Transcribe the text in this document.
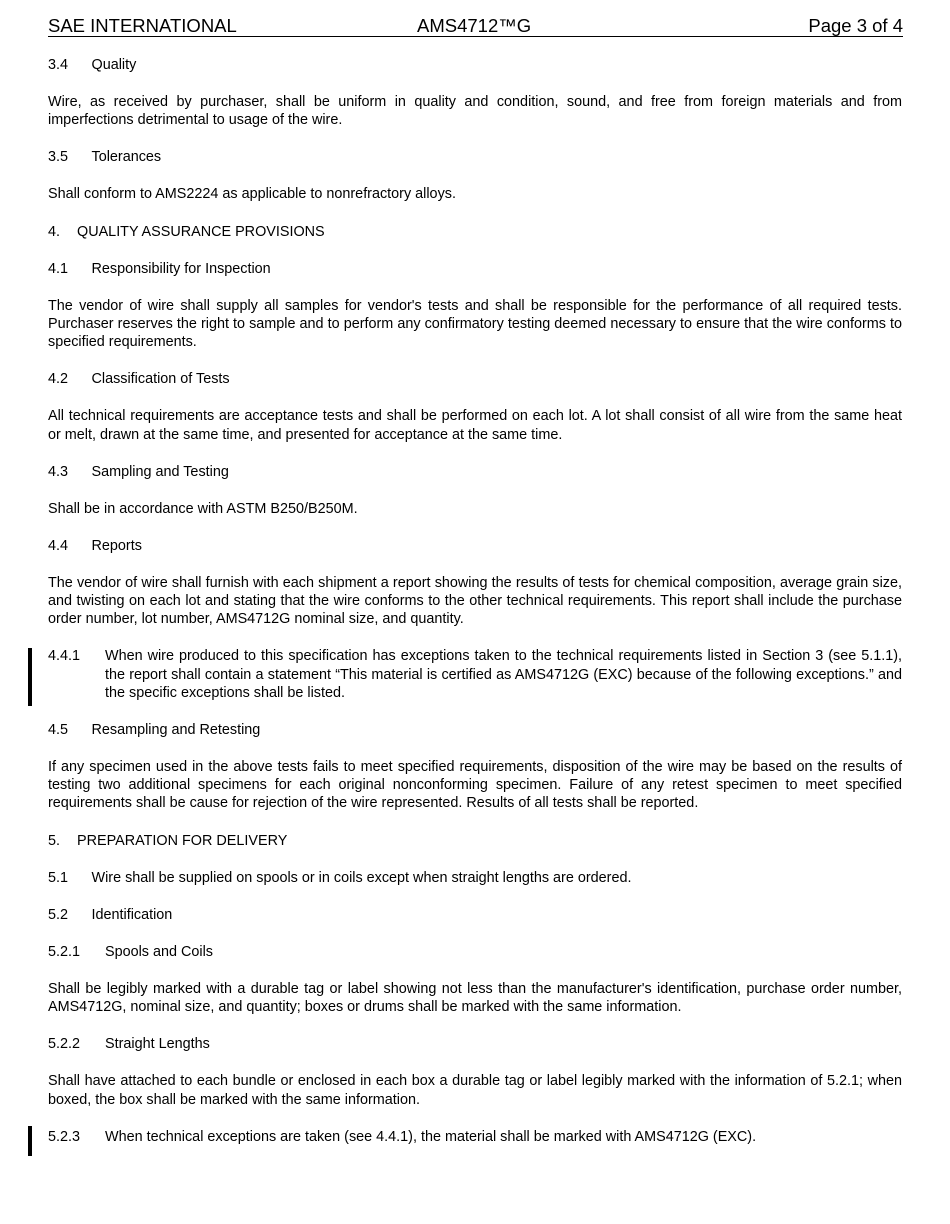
SAE INTERNATIONAL	AMS4712™G	Page 3 of 4
3.4 Quality

Wire, as received by purchaser, shall be uniform in quality and condition, sound, and free from foreign materials and from imperfections detrimental to usage of the wire.

3.5 Tolerances

Shall conform to AMS2224 as applicable to nonrefractory alloys.

4. QUALITY ASSURANCE PROVISIONS
4.1 Responsibility for Inspection

The vendor of wire shall supply all samples for vendor's tests and shall be responsible for the performance of all required tests. Purchaser reserves the right to sample and to perform any confirmatory testing deemed necessary to ensure that the wire conforms to specified requirements.

4.2 Classification of Tests

All technical requirements are acceptance tests and shall be performed on each lot. A lot shall consist of all wire from the same heat or melt, drawn at the same time, and presented for acceptance at the same time.

4.3 Sampling and Testing

Shall be in accordance with ASTM B250/B250M.

4.4 Reports

The vendor of wire shall furnish with each shipment a report showing the results of tests for chemical composition, average grain size, and twisting on each lot and stating that the wire conforms to the other technical requirements. This report shall include the purchase order number, lot number, AMS4712G nominal size, and quantity.

4.4.1 When wire produced to this specification has exceptions taken to the technical requirements listed in Section 3 (see 5.1.1), the report shall contain a statement “This material is certified as AMS4712G (EXC) because of the following exceptions.” and the specific exceptions shall be listed.
4.5 Resampling and Retesting

If any specimen used in the above tests fails to meet specified requirements, disposition of the wire may be based on the results of testing two additional specimens for each original nonconforming specimen. Failure of any retest specimen to meet specified requirements shall be cause for rejection of the wire represented. Results of all tests shall be reported.

5. PREPARATION FOR DELIVERY
5.1 Wire shall be supplied on spools or in coils except when straight lengths are ordered.
5.2 Identification
5.2.1 Spools and Coils

Shall be legibly marked with a durable tag or label showing not less than the manufacturer's identification, purchase order number, AMS4712G, nominal size, and quantity; boxes or drums shall be marked with the same information.

5.2.2 Straight Lengths

Shall have attached to each bundle or enclosed in each box a durable tag or label legibly marked with the information of 5.2.1; when boxed, the box shall be marked with the same information.

5.2.3 When technical exceptions are taken (see 4.4.1), the material shall be marked with AMS4712G (EXC).
